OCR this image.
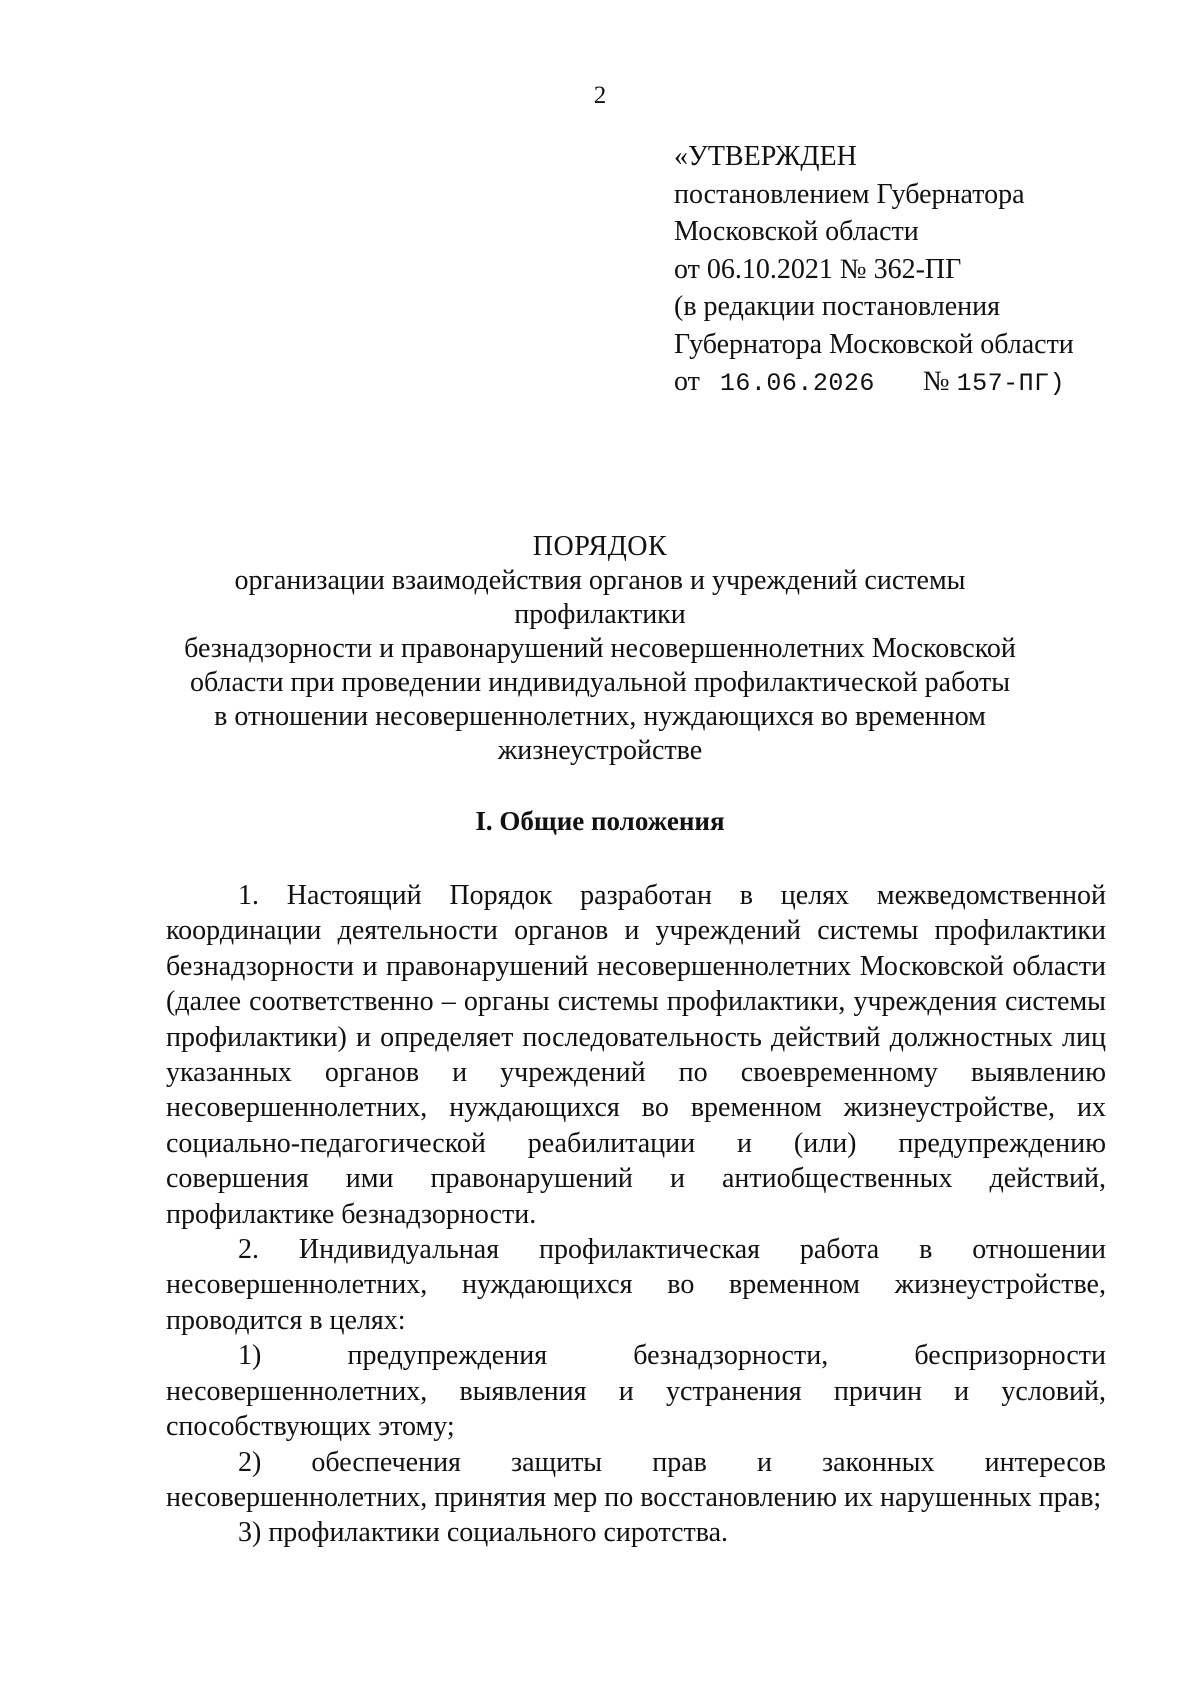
2
«УТВЕРЖДЕН
постановлением Губернатора
Московской области
от 06.10.2021 № 362-ПГ
(в редакции постановления
Губернатора Московской области
от 16.06.2026 № 157-ПГ)
ПОРЯДОК
организации взаимодействия органов и учреждений системы профилактики
безнадзорности и правонарушений несовершеннолетних Московской
области при проведении индивидуальной профилактической работы
в отношении несовершеннолетних, нуждающихся во временном
жизнеустройстве
I. Общие положения

1. Настоящий Порядок разработан в целях межведомственной координации деятельности органов и учреждений системы профилактики безнадзорности и правонарушений несовершеннолетних Московской области (далее соответственно – органы системы профилактики, учреждения системы профилактики) и определяет последовательность действий должностных лиц указанных органов и учреждений по своевременному выявлению несовершеннолетних, нуждающихся во временном жизнеустройстве, их социально-педагогической реабилитации и (или) предупреждению совершения ими правонарушений и антиобщественных действий, профилактике безнадзорности.

2. Индивидуальная профилактическая работа в отношении несовершеннолетних, нуждающихся во временном жизнеустройстве, проводится в целях:

1) предупреждения безнадзорности, беспризорности несовершеннолетних, выявления и устранения причин и условий, способствующих этому;

2) обеспечения защиты прав и законных интересов несовершеннолетних, принятия мер по восстановлению их нарушенных прав;

3) профилактики социального сиротства.
